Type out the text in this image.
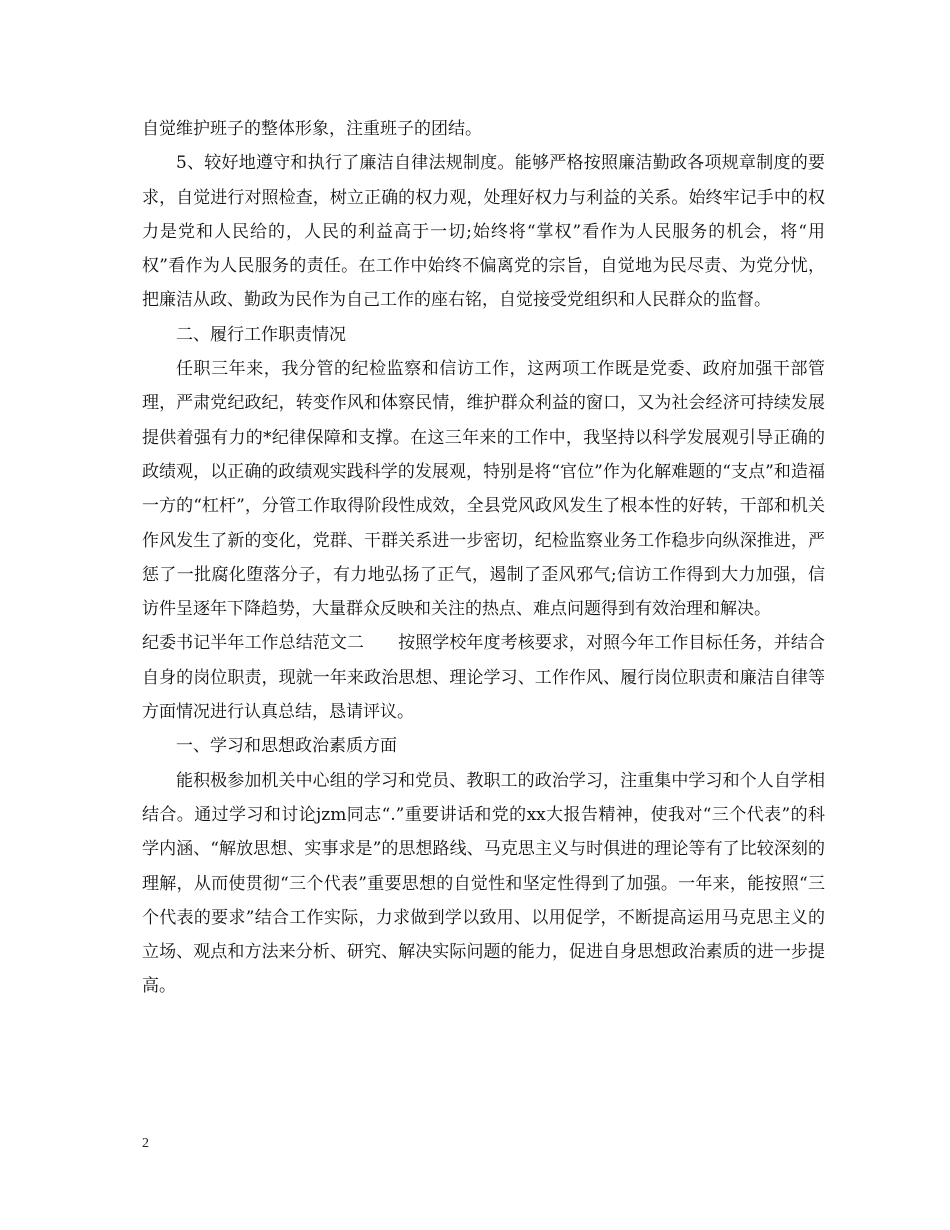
自觉维护班子的整体形象，注重班子的团结。

5、较好地遵守和执行了廉洁自律法规制度。能够严格按照廉洁勤政各项规章制度的要求，自觉进行对照检查，树立正确的权力观，处理好权力与利益的关系。始终牢记手中的权力是党和人民给的，人民的利益高于一切;始终将“掌权”看作为人民服务的机会，将“用权”看作为人民服务的责任。在工作中始终不偏离党的宗旨，自觉地为民尽责、为党分忧，把廉洁从政、勤政为民作为自己工作的座右铭，自觉接受党组织和人民群众的监督。

二、履行工作职责情况

任职三年来，我分管的纪检监察和信访工作，这两项工作既是党委、政府加强干部管理，严肃党纪政纪，转变作风和体察民情，维护群众利益的窗口，又为社会经济可持续发展提供着强有力的*纪律保障和支撑。在这三年来的工作中，我坚持以科学发展观引导正确的政绩观，以正确的政绩观实践科学的发展观，特别是将“官位”作为化解难题的“支点”和造福一方的“杠杆”，分管工作取得阶段性成效，全县党风政风发生了根本性的好转，干部和机关作风发生了新的变化，党群、干群关系进一步密切，纪检监察业务工作稳步向纵深推进，严惩了一批腐化堕落分子，有力地弘扬了正气，遏制了歪风邪气;信访工作得到大力加强，信访件呈逐年下降趋势，大量群众反映和关注的热点、难点问题得到有效治理和解决。

纪委书记半年工作总结范文二　　按照学校年度考核要求，对照今年工作目标任务，并结合自身的岗位职责，现就一年来政治思想、理论学习、工作作风、履行岗位职责和廉洁自律等方面情况进行认真总结，恳请评议。

一、学习和思想政治素质方面

能积极参加机关中心组的学习和党员、教职工的政治学习，注重集中学习和个人自学相结合。通过学习和讨论jzm同志“.”重要讲话和党的xx大报告精神，使我对“三个代表”的科学内涵、“解放思想、实事求是”的思想路线、马克思主义与时俱进的理论等有了比较深刻的理解，从而使贯彻“三个代表”重要思想的自觉性和坚定性得到了加强。一年来，能按照“三个代表的要求”结合工作实际，力求做到学以致用、以用促学，不断提高运用马克思主义的立场、观点和方法来分析、研究、解决实际问题的能力，促进自身思想政治素质的进一步提高。

2
